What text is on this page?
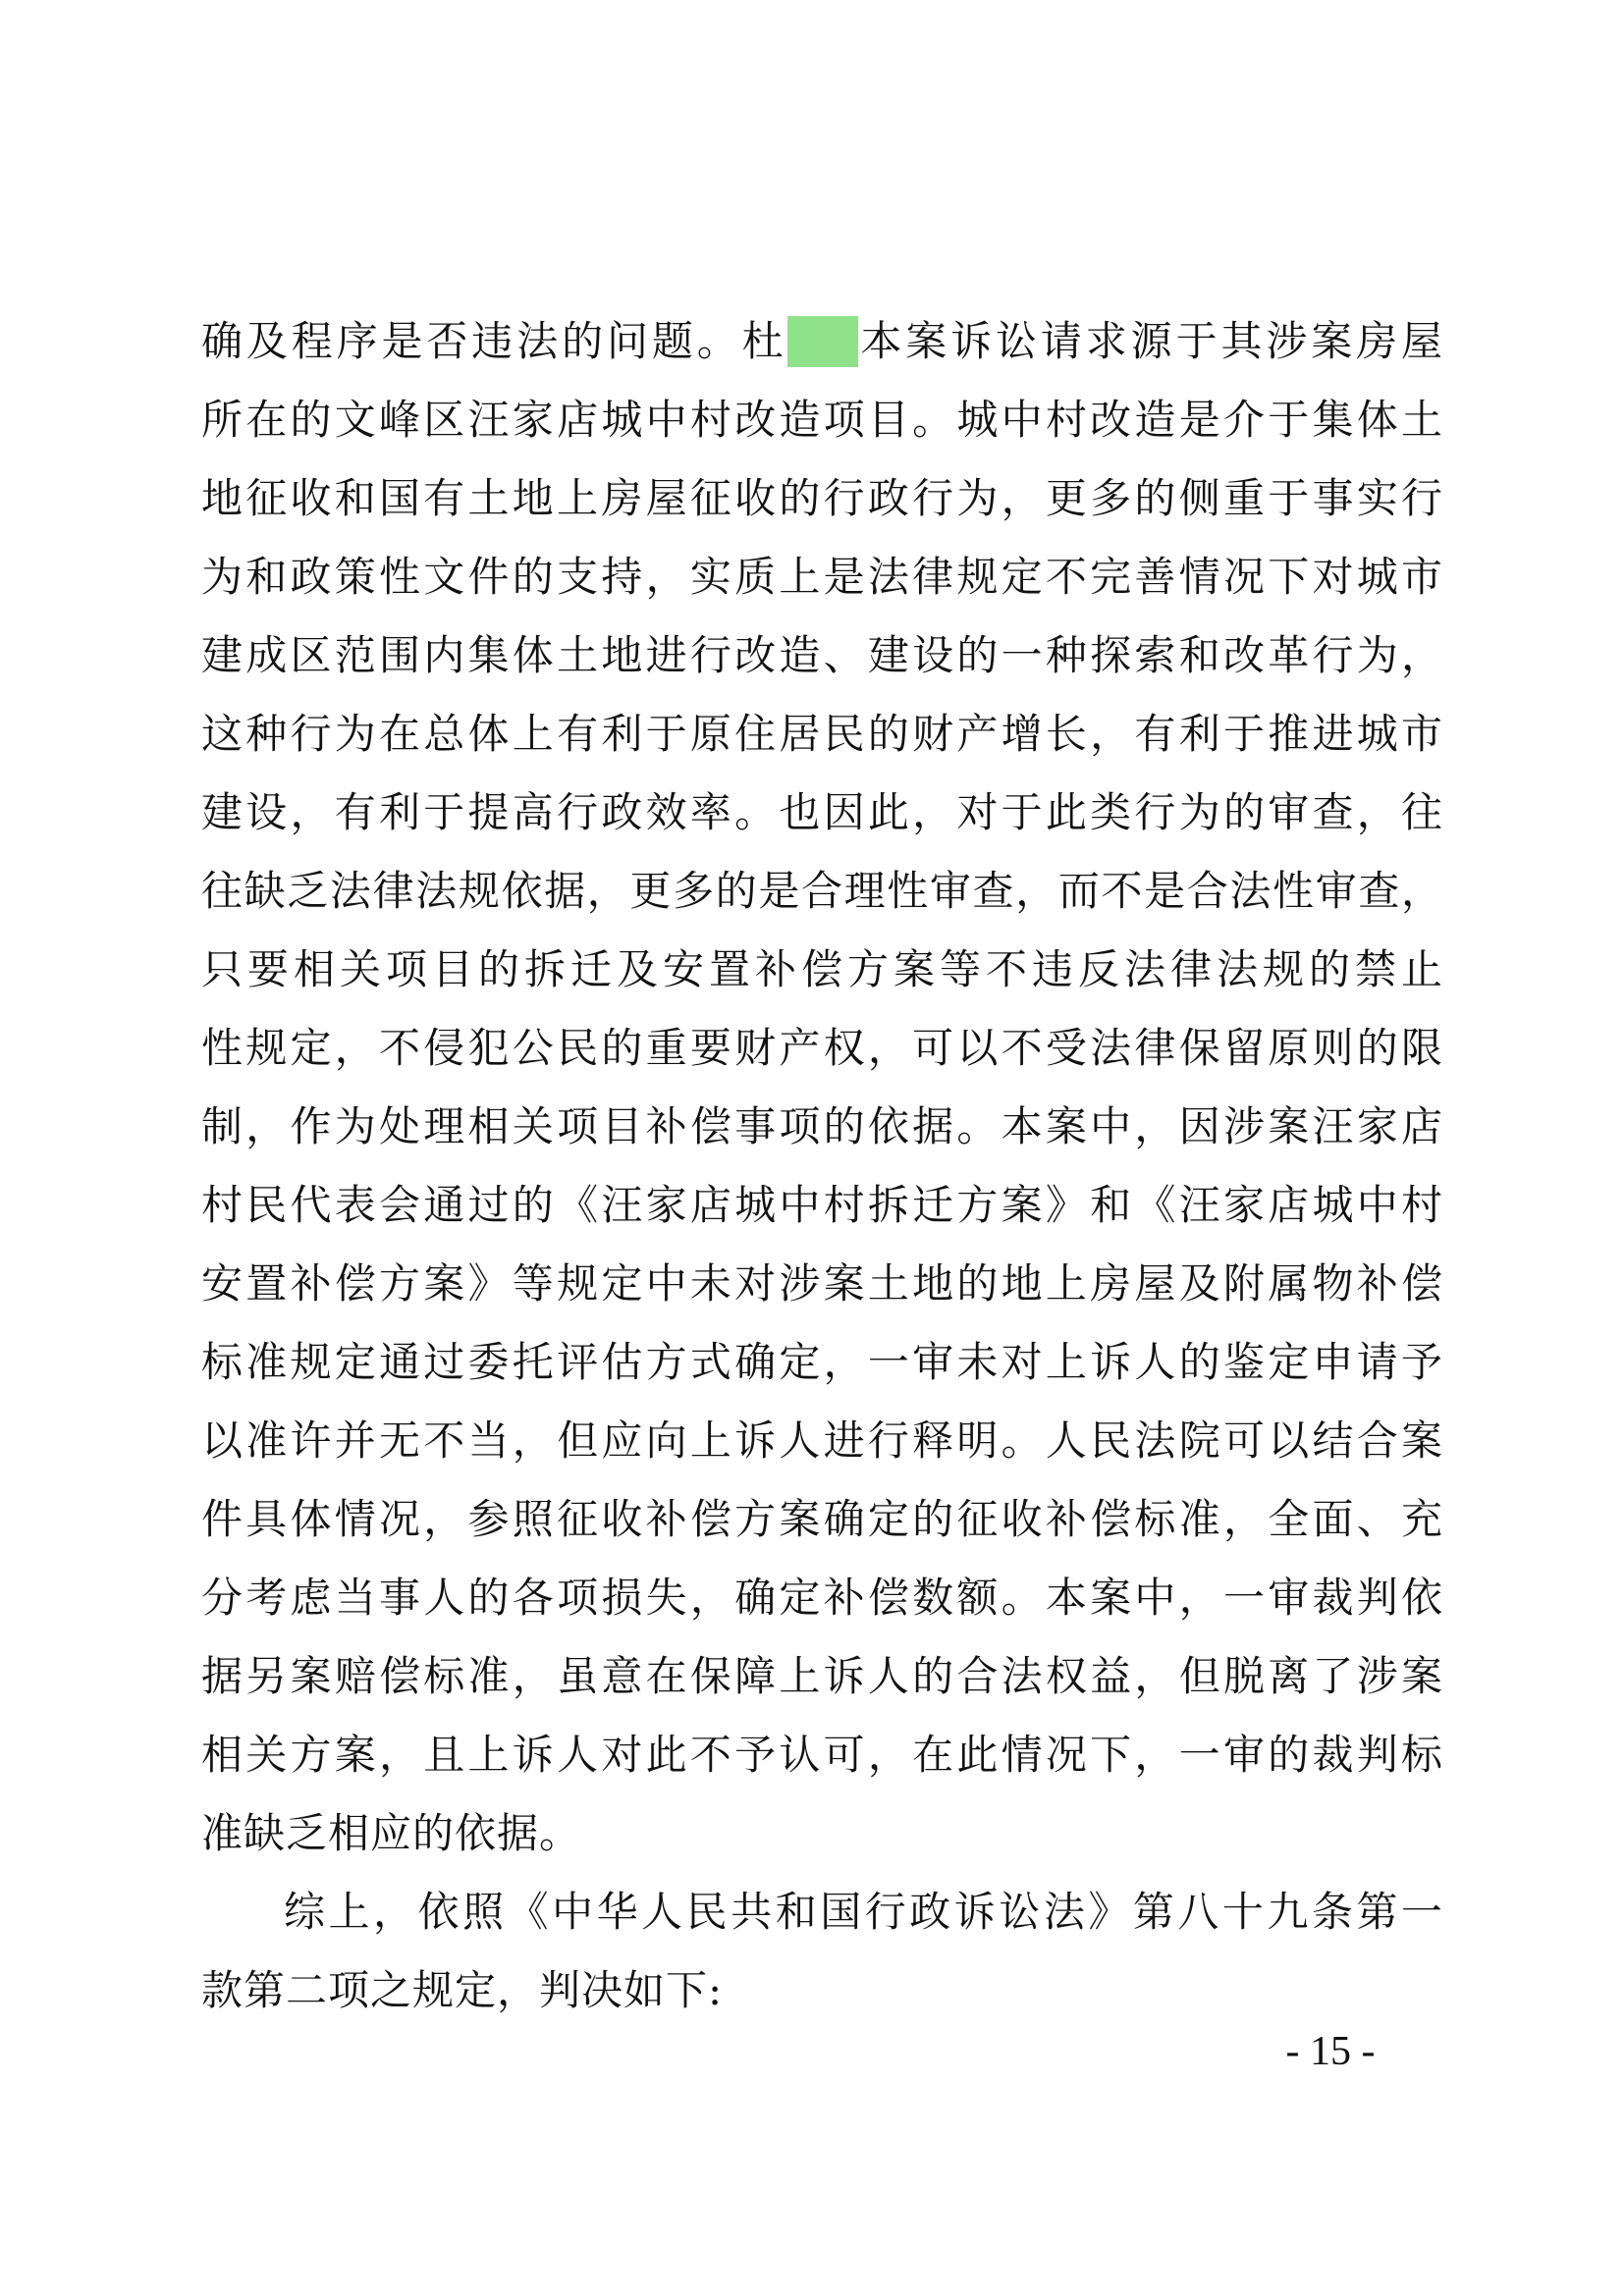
确及程序是否违法的问题。杜 本案诉讼请求源于其涉案房屋
所在的文峰区汪家店城中村改造项目。城中村改造是介于集体土
地征收和国有土地上房屋征收的行政行为，更多的侧重于事实行
为和政策性文件的支持，实质上是法律规定不完善情况下对城市
建成区范围内集体土地进行改造、建设的一种探索和改革行为，
这种行为在总体上有利于原住居民的财产增长，有利于推进城市
建设，有利于提高行政效率。也因此，对于此类行为的审查，往
往缺乏法律法规依据，更多的是合理性审查，而不是合法性审查，
只要相关项目的拆迁及安置补偿方案等不违反法律法规的禁止
性规定，不侵犯公民的重要财产权，可以不受法律保留原则的限
制，作为处理相关项目补偿事项的依据。本案中，因涉案汪家店
村民代表会通过的《汪家店城中村拆迁方案》和《汪家店城中村
安置补偿方案》等规定中未对涉案土地的地上房屋及附属物补偿
标准规定通过委托评估方式确定，一审未对上诉人的鉴定申请予
以准许并无不当，但应向上诉人进行释明。人民法院可以结合案
件具体情况，参照征收补偿方案确定的征收补偿标准，全面、充
分考虑当事人的各项损失，确定补偿数额。本案中，一审裁判依
据另案赔偿标准，虽意在保障上诉人的合法权益，但脱离了涉案
相关方案，且上诉人对此不予认可，在此情况下，一审的裁判标
准缺乏相应的依据。
综上，依照《中华人民共和国行政诉讼法》第八十九条第一
款第二项之规定，判决如下:
- 15 -
